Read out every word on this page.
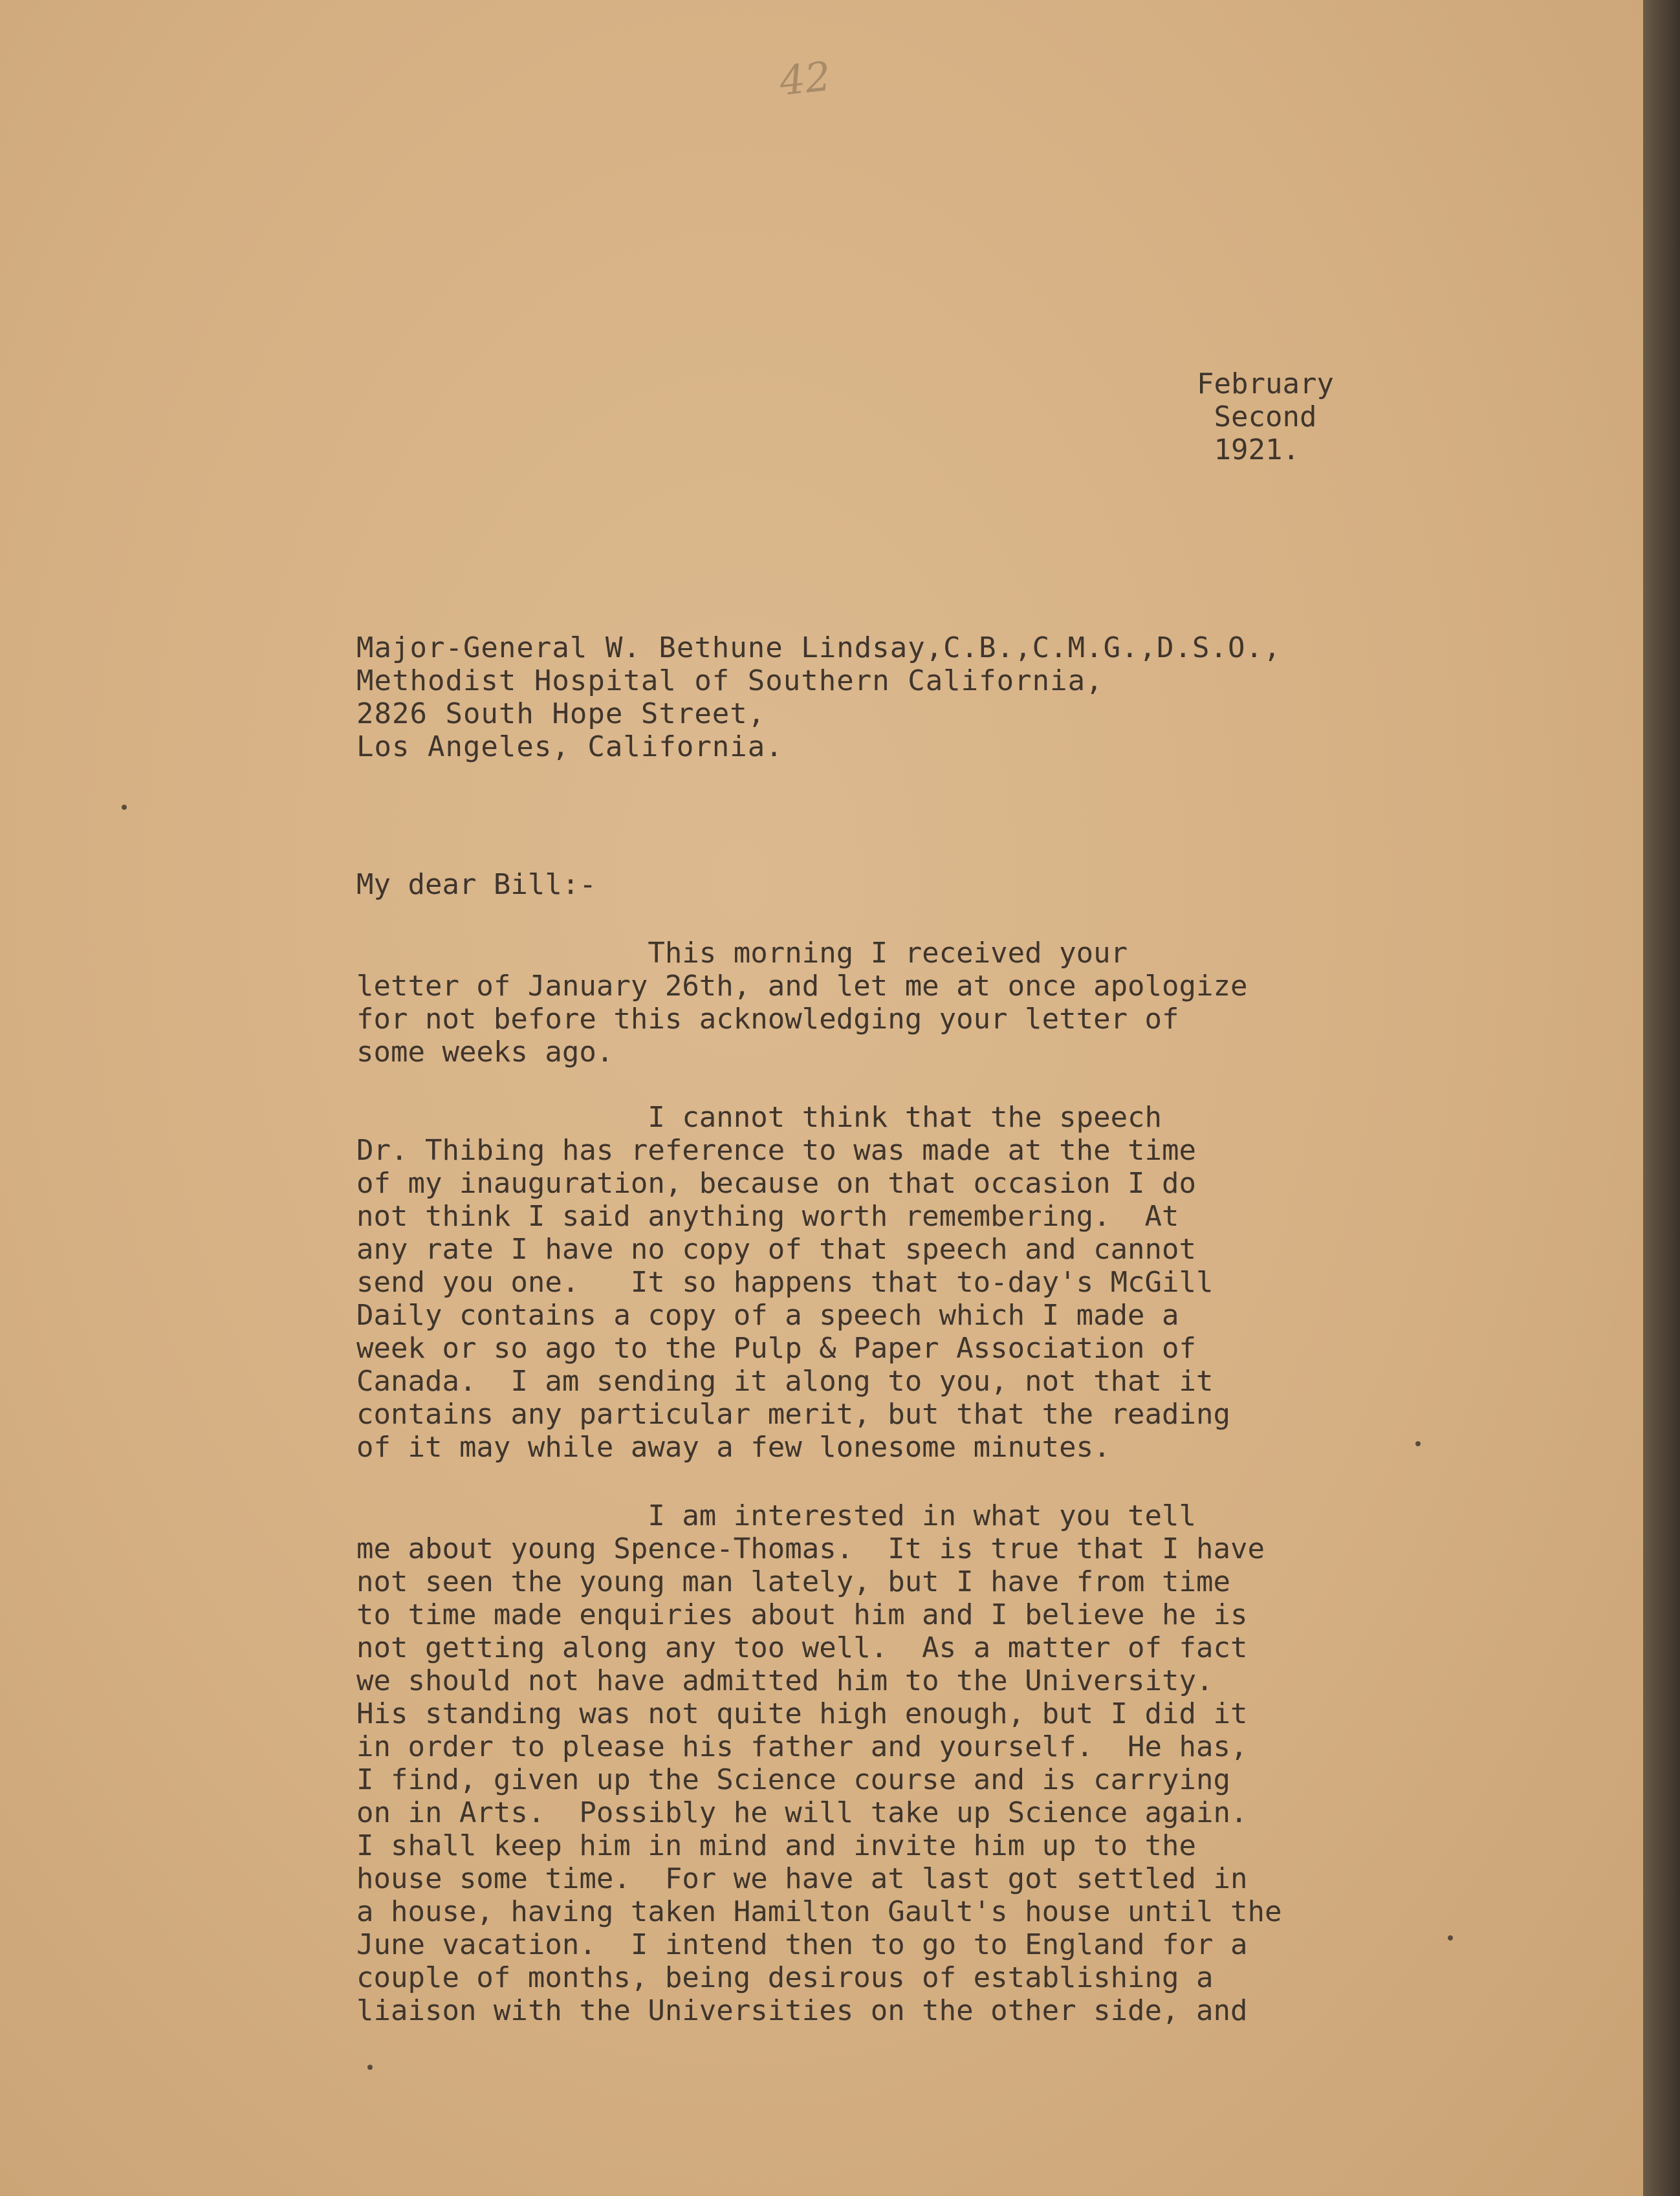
42
February
Second
1921.
Major-General W. Bethune Lindsay,C.B.,C.M.G.,D.S.O.,
Methodist Hospital of Southern California,
2826 South Hope Street,
Los Angeles, California.
My dear Bill:-
This morning I received your
letter of January 26th, and let me at once apologize
for not before this acknowledging your letter of
some weeks ago.
I cannot think that the speech
Dr. Thibing has reference to was made at the time
of my inauguration, because on that occasion I do
not think I said anything worth remembering.  At
any rate I have no copy of that speech and cannot
send you one.   It so happens that to-day's McGill
Daily contains a copy of a speech which I made a
week or so ago to the Pulp & Paper Association of
Canada.  I am sending it along to you, not that it
contains any particular merit, but that the reading
of it may while away a few lonesome minutes.
I am interested in what you tell
me about young Spence-Thomas.  It is true that I have
not seen the young man lately, but I have from time
to time made enquiries about him and I believe he is
not getting along any too well.  As a matter of fact
we should not have admitted him to the University.
His standing was not quite high enough, but I did it
in order to please his father and yourself.  He has,
I find, given up the Science course and is carrying
on in Arts.  Possibly he will take up Science again.
I shall keep him in mind and invite him up to the
house some time.  For we have at last got settled in
a house, having taken Hamilton Gault's house until the
June vacation.  I intend then to go to England for a
couple of months, being desirous of establishing a
liaison with the Universities on the other side, and
